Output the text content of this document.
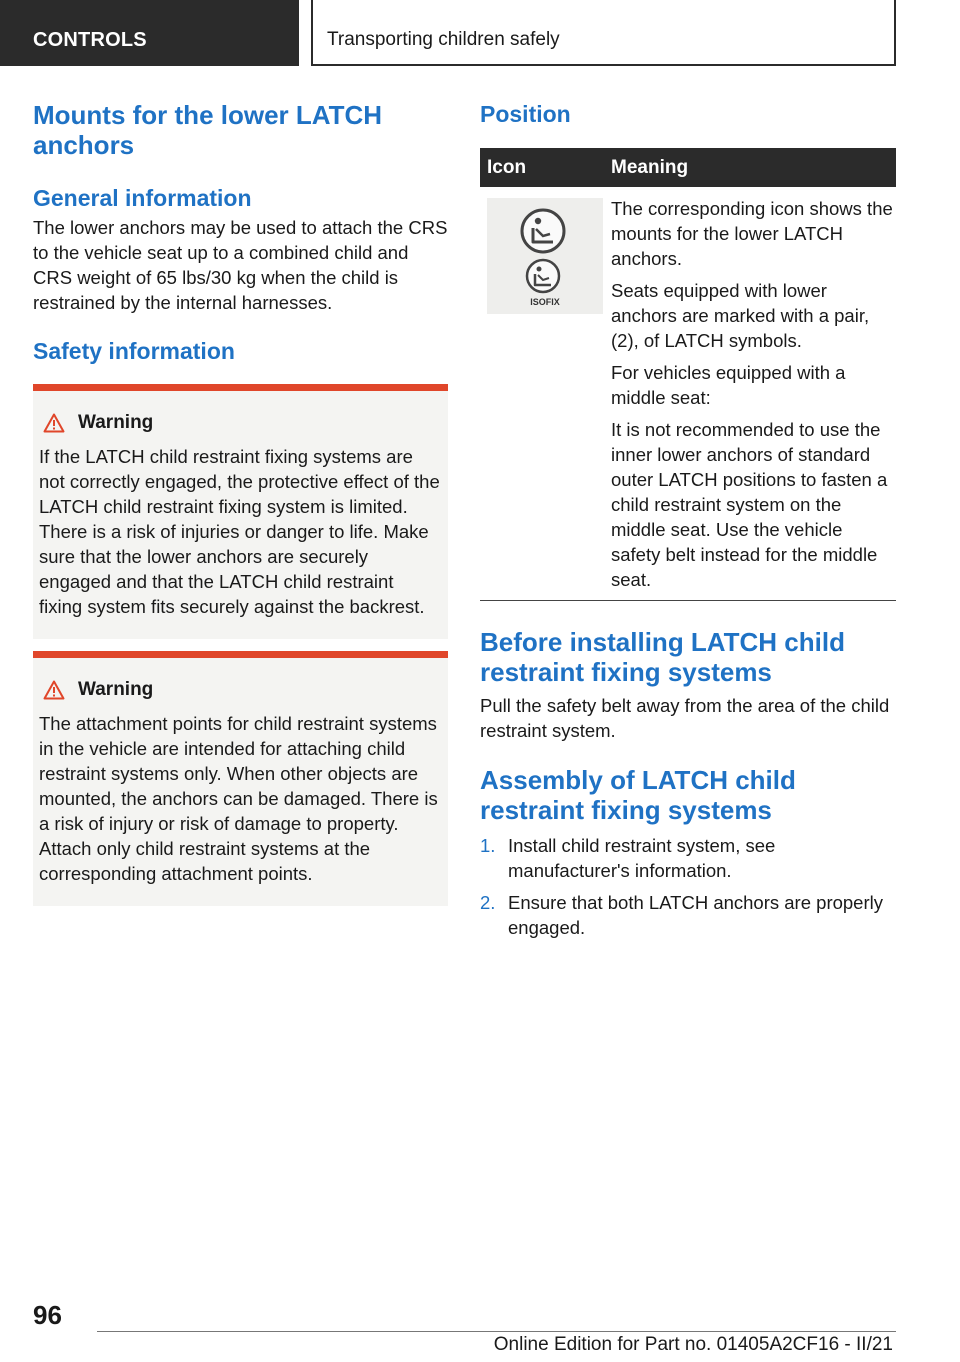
CONTROLS	Transporting children safely
Mounts for the lower LATCH anchors
General information
The lower anchors may be used to attach the CRS to the vehicle seat up to a combined child and CRS weight of 65 lbs/30 kg when the child is restrained by the internal harnesses.
Safety information
Warning
If the LATCH child restraint fixing systems are not correctly engaged, the protective effect of the LATCH child restraint fixing system is limited. There is a risk of injuries or danger to life. Make sure that the lower anchors are securely engaged and that the LATCH child restraint fixing system fits securely against the backrest.
Warning
The attachment points for child restraint systems in the vehicle are intended for attaching child restraint systems only. When other objects are mounted, the anchors can be damaged. There is a risk of injury or risk of damage to property. Attach only child restraint systems at the corresponding attachment points.
Position
Icon	Meaning
ISOFIX
The corresponding icon shows the mounts for the lower LATCH anchors.
Seats equipped with lower anchors are marked with a pair, (2), of LATCH symbols.
For vehicles equipped with a middle seat:
It is not recommended to use the inner lower anchors of standard outer LATCH positions to fasten a child restraint system on the middle seat. Use the vehicle safety belt instead for the middle seat.
Before installing LATCH child restraint fixing systems
Pull the safety belt away from the area of the child restraint system.
Assembly of LATCH child restraint fixing systems
1. Install child restraint system, see manufacturer's information.
2. Ensure that both LATCH anchors are properly engaged.
96
Online Edition for Part no. 01405A2CF16 - II/21
